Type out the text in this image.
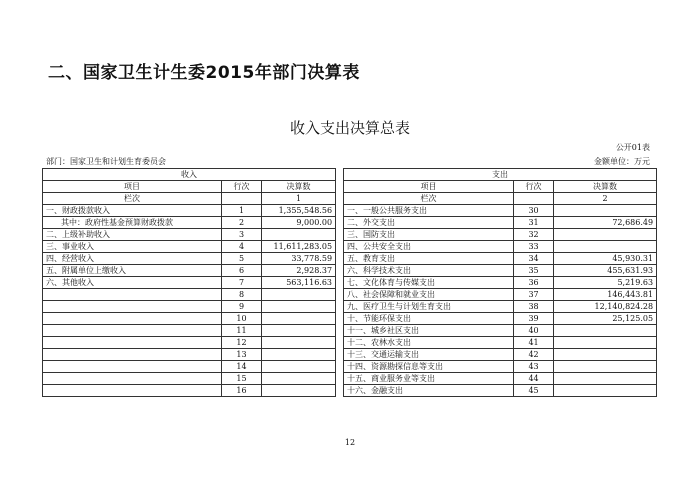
二、国家卫生计生委2015年部门决算表
收入支出决算总表
公开01表
部门：国家卫生和计划生育委员会	金额单位：万元
收入				支出		
项目	行次	决算数		项目	行次	决算数
栏次		1		栏次		2
一、财政拨款收入	1	1,355,548.56		一、一般公共服务支出	30	
其中：政府性基金预算财政拨款	2	9,000.00		二、外交支出	31	72,686.49
二、上级补助收入	3			三、国防支出	32	
三、事业收入	4	11,611,283.05		四、公共安全支出	33	
四、经营收入	5	33,778.59		五、教育支出	34	45,930.31
五、附属单位上缴收入	6	2,928.37		六、科学技术支出	35	455,631.93
六、其他收入	7	563,116.63		七、文化体育与传媒支出	36	5,219.63
	8			八、社会保障和就业支出	37	146,443.81
	9			九、医疗卫生与计划生育支出	38	12,140,824.28
	10			十、节能环保支出	39	25,125.05
	11			十一、城乡社区支出	40	
	12			十二、农林水支出	41	
	13			十三、交通运输支出	42	
	14			十四、资源勘探信息等支出	43	
	15			十五、商业服务业等支出	44	
	16			十六、金融支出	45	
12
